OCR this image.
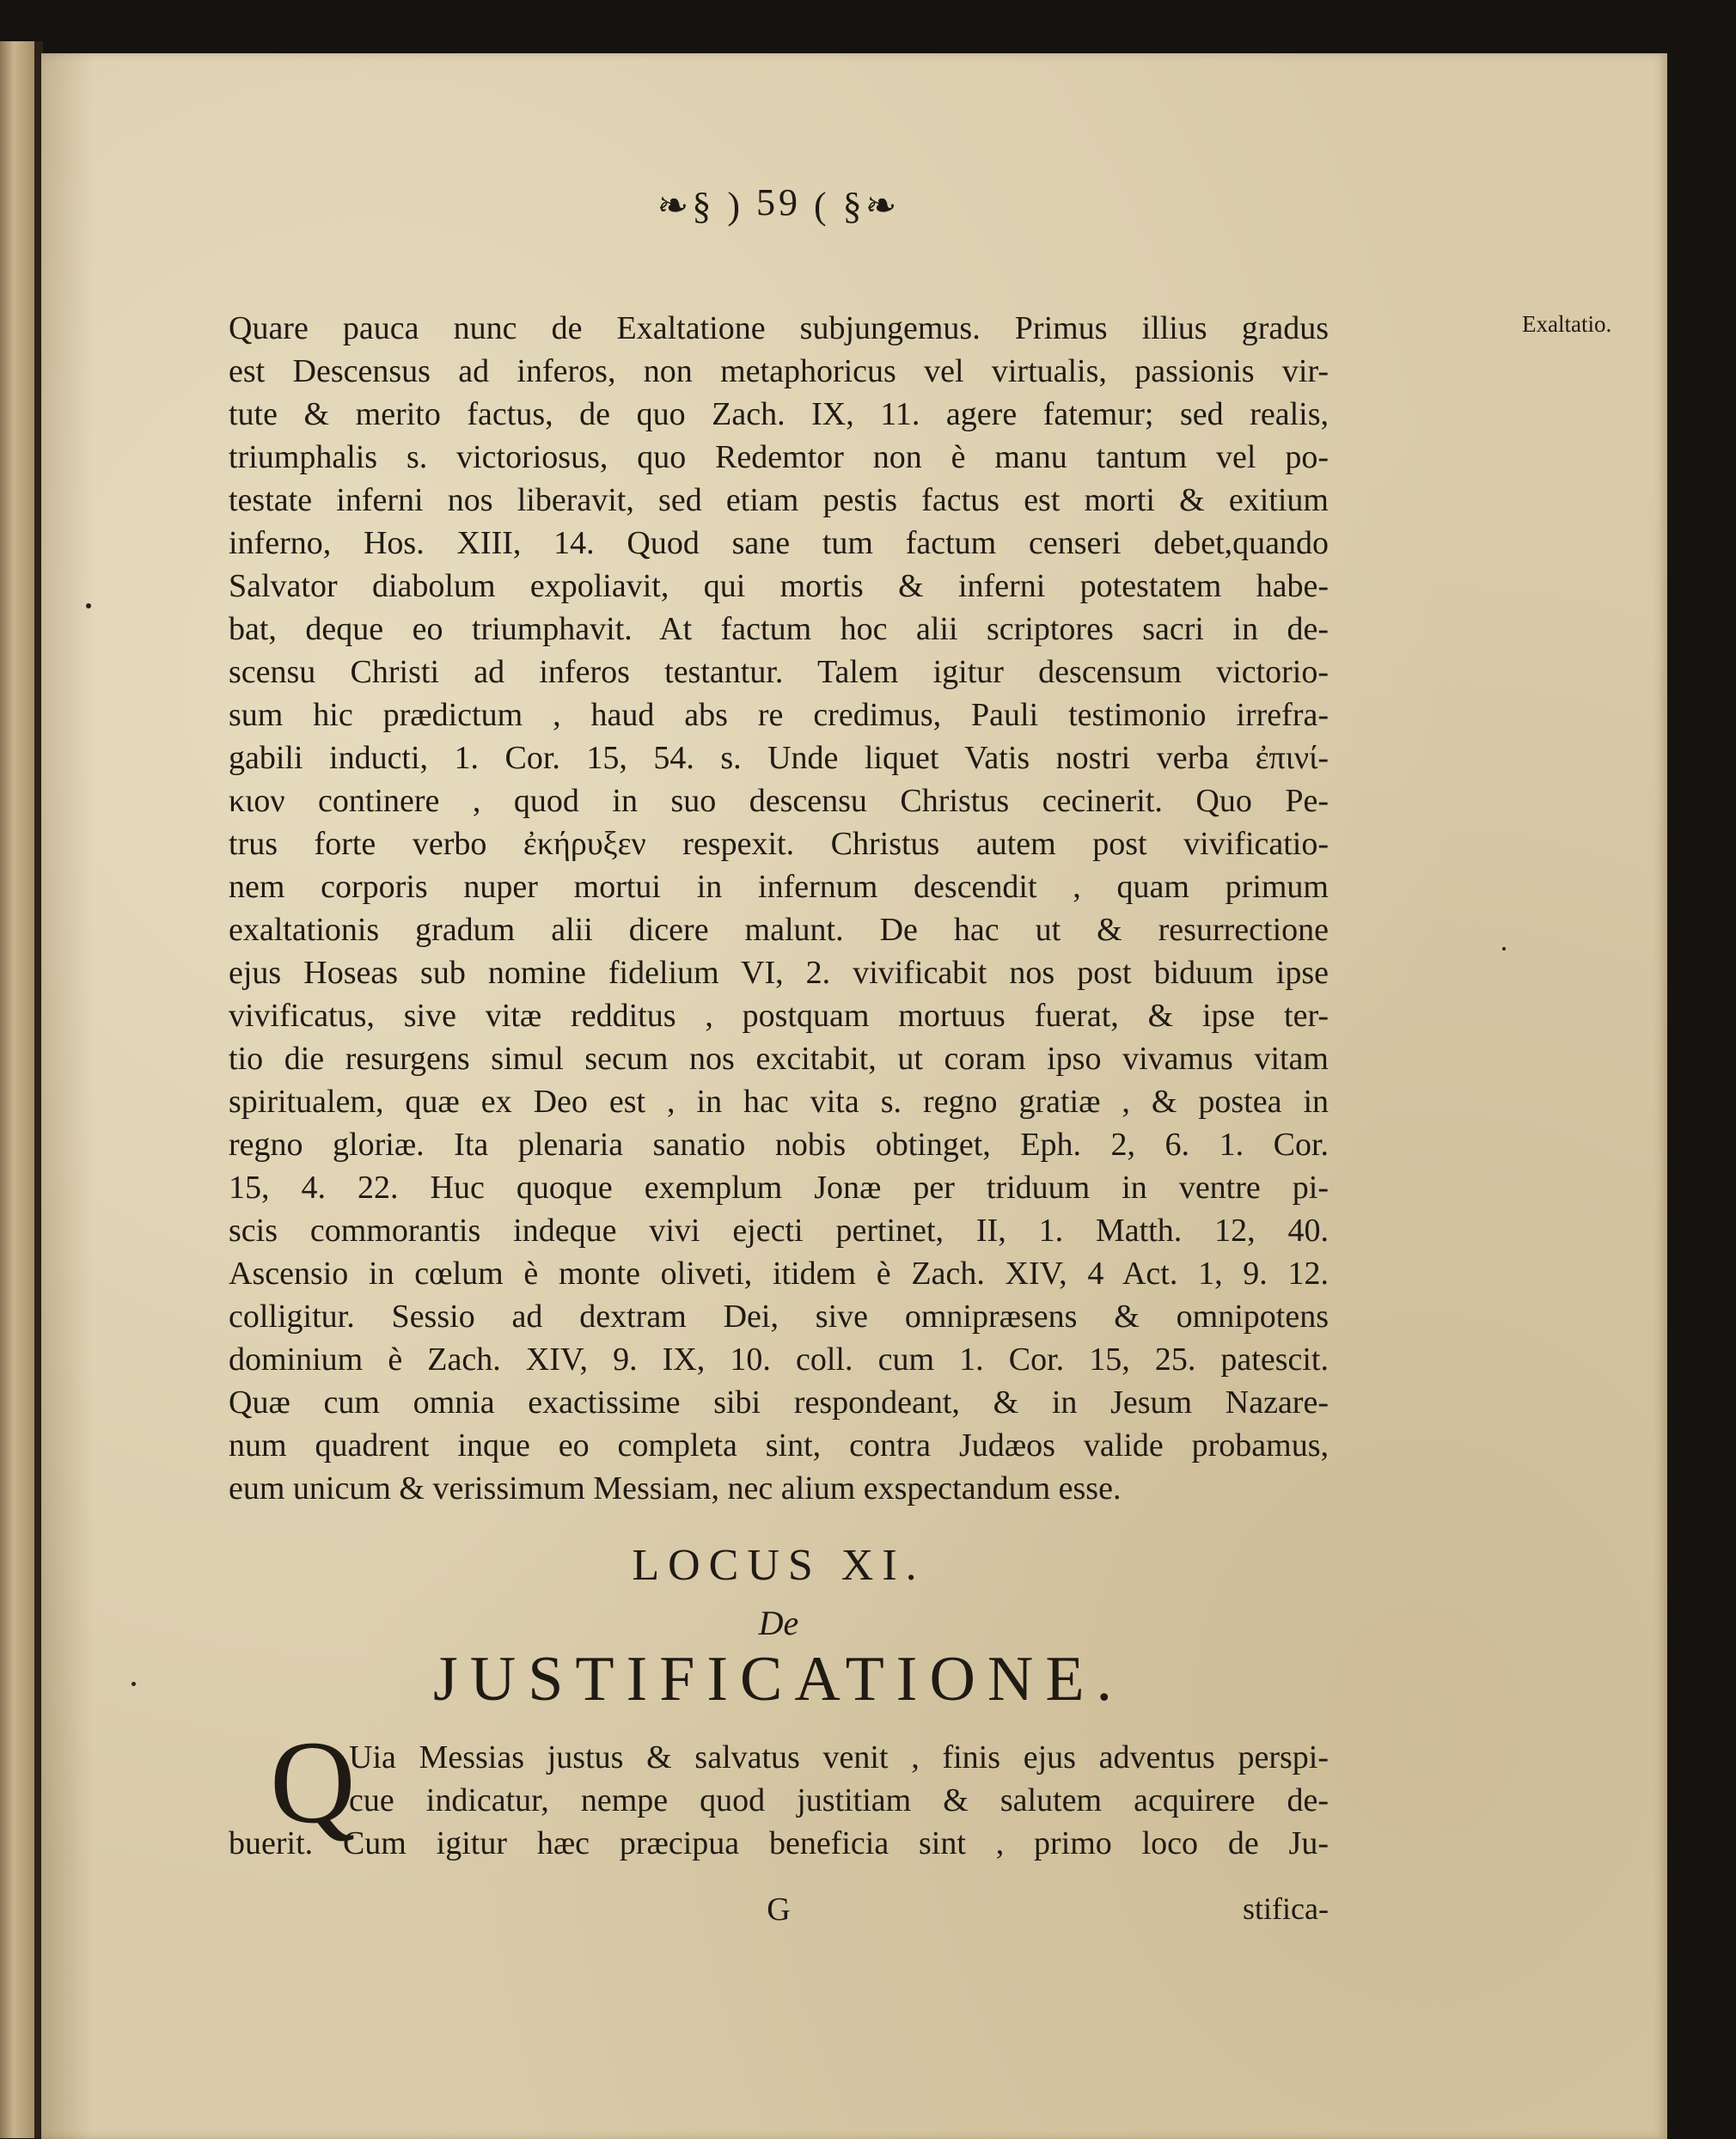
❧§ ) 59 ( §❧
Quare pauca nunc de Exaltatione subjungemus. Primus illius gradus
est Descensus ad inferos, non metaphoricus vel virtualis, passionis vir-
tute & merito factus, de quo Zach. IX, 11. agere fatemur; sed realis,
triumphalis s. victoriosus, quo Redemtor non è manu tantum vel po-
testate inferni nos liberavit, sed etiam pestis factus est morti & exitium
inferno, Hos. XIII, 14. Quod sane tum factum censeri debet,quando
Salvator diabolum expoliavit, qui mortis & inferni potestatem habe-
bat, deque eo triumphavit. At factum hoc alii scriptores sacri in de-
scensu Christi ad inferos testantur. Talem igitur descensum victorio-
sum hic prædictum , haud abs re credimus, Pauli testimonio irrefra-
gabili inducti, 1. Cor. 15, 54. s. Unde liquet Vatis nostri verba ἐπινί-
κιον continere , quod in suo descensu Christus cecinerit. Quo Pe-
trus forte verbo ἐκήρυξεν respexit. Christus autem post vivificatio-
nem corporis nuper mortui in infernum descendit , quam primum
exaltationis gradum alii dicere malunt. De hac ut & resurrectione
ejus Hoseas sub nomine fidelium VI, 2. vivificabit nos post biduum ipse
vivificatus, sive vitæ redditus , postquam mortuus fuerat, & ipse ter-
tio die resurgens simul secum nos excitabit, ut coram ipso vivamus vitam
spiritualem, quæ ex Deo est , in hac vita s. regno gratiæ , & postea in
regno gloriæ. Ita plenaria sanatio nobis obtinget, Eph. 2, 6. 1. Cor.
15, 4. 22. Huc quoque exemplum Jonæ per triduum in ventre pi-
scis commorantis indeque vivi ejecti pertinet, II, 1. Matth. 12, 40.
Ascensio in cœlum è monte oliveti, itidem è Zach. XIV, 4 Act. 1, 9. 12.
colligitur. Sessio ad dextram Dei, sive omnipræsens & omnipotens
dominium è Zach. XIV, 9. IX, 10. coll. cum 1. Cor. 15, 25. patescit.
Quæ cum omnia exactissime sibi respondeant, & in Jesum Nazare-
num quadrent inque eo completa sint, contra Judæos valide probamus,
eum unicum & verissimum Messiam, nec alium exspectandum esse.
Exaltatio.
LOCUS XI.
De
JUSTIFICATIONE.
Q
Uia Messias justus & salvatus venit , finis ejus adventus perspi-
cue indicatur, nempe quod justitiam & salutem acquirere de-
buerit. Cum igitur hæc præcipua beneficia sint , primo loco de Ju-
G	stifica-
